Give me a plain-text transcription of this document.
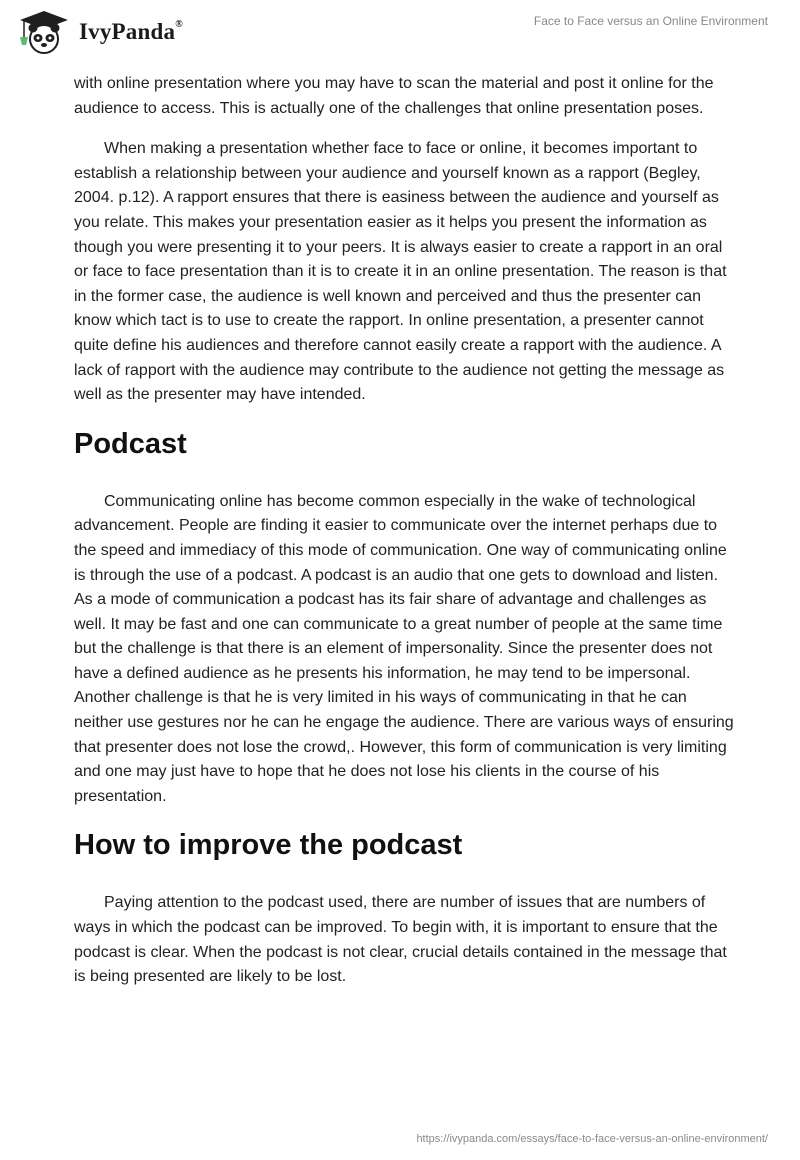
IvyPanda®	Face to Face versus an Online Environment

with online presentation where you may have to scan the material and post it online for the audience to access. This is actually one of the challenges that online presentation poses.

When making a presentation whether face to face or online, it becomes important to establish a relationship between your audience and yourself known as a rapport (Begley, 2004. p.12). A rapport ensures that there is easiness between the audience and yourself as you relate. This makes your presentation easier as it helps you present the information as though you were presenting it to your peers. It is always easier to create a rapport in an oral or face to face presentation than it is to create it in an online presentation. The reason is that in the former case, the audience is well known and perceived and thus the presenter can know which tact is to use to create the rapport. In online presentation, a presenter cannot quite define his audiences and therefore cannot easily create a rapport with the audience. A lack of rapport with the audience may contribute to the audience not getting the message as well as the presenter may have intended.

Podcast

Communicating online has become common especially in the wake of technological advancement. People are finding it easier to communicate over the internet perhaps due to the speed and immediacy of this mode of communication. One way of communicating online is through the use of a podcast. A podcast is an audio that one gets to download and listen. As a mode of communication a podcast has its fair share of advantage and challenges as well. It may be fast and one can communicate to a great number of people at the same time but the challenge is that there is an element of impersonality. Since the presenter does not have a defined audience as he presents his information, he may tend to be impersonal. Another challenge is that he is very limited in his ways of communicating in that he can neither use gestures nor he can he engage the audience. There are various ways of ensuring that presenter does not lose the crowd,. However, this form of communication is very limiting and one may just have to hope that he does not lose his clients in the course of his presentation.

How to improve the podcast

Paying attention to the podcast used, there are number of issues that are numbers of ways in which the podcast can be improved. To begin with, it is important to ensure that the podcast is clear. When the podcast is not clear, crucial details contained in the message that is being presented are likely to be lost.

https://ivypanda.com/essays/face-to-face-versus-an-online-environment/
